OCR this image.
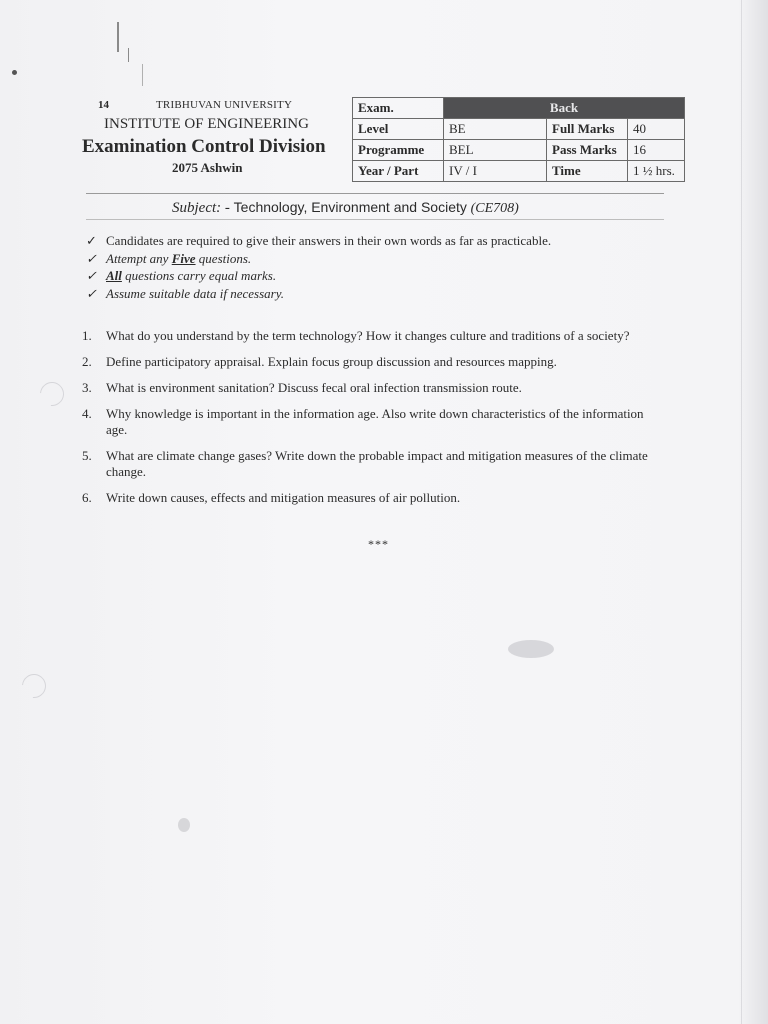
14	TRIBHUVAN UNIVERSITY
INSTITUTE OF ENGINEERING
Examination Control Division
2075 Ashwin
Exam.	Back		
Level	BE	Full Marks	40
Programme	BEL	Pass Marks	16
Year / Part	IV / I	Time	1 ½ hrs.
Subject: - Technology, Environment and Society (CE708)
✓ Candidates are required to give their answers in their own words as far as practicable.
✓ Attempt any Five questions.
✓ All questions carry equal marks.
✓ Assume suitable data if necessary.
1. What do you understand by the term technology? How it changes culture and traditions of a society?
2. Define participatory appraisal. Explain focus group discussion and resources mapping.
3. What is environment sanitation? Discuss fecal oral infection transmission route.
4. Why knowledge is important in the information age. Also write down characteristics of the information age.
5. What are climate change gases? Write down the probable impact and mitigation measures of the climate change.
6. Write down causes, effects and mitigation measures of air pollution.
***
